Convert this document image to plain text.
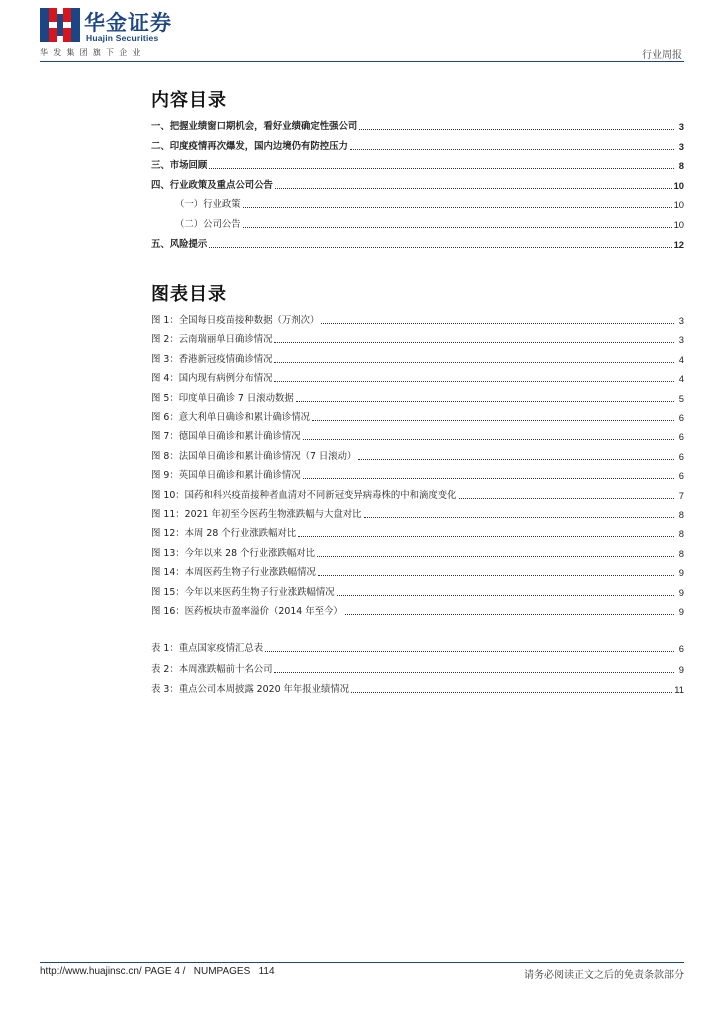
华金证券
Huajin Securities
华发集团旗下企业	行业周报
内容目录
一、把握业绩窗口期机会，看好业绩确定性强公司	3
二、印度疫情再次爆发，国内边境仍有防控压力	3
三、市场回顾	8
四、行业政策及重点公司公告	10
（一）行业政策	10
（二）公司公告	10
五、风险提示	12
图表目录
图 1：全国每日疫苗接种数据（万剂次）	3
图 2：云南瑞丽单日确诊情况	3
图 3：香港新冠疫情确诊情况	4
图 4：国内现有病例分布情况	4
图 5：印度单日确诊 7 日滚动数据	5
图 6：意大利单日确诊和累计确诊情况	6
图 7：德国单日确诊和累计确诊情况	6
图 8：法国单日确诊和累计确诊情况（7 日滚动）	6
图 9：英国单日确诊和累计确诊情况	6
图 10：国药和科兴疫苗接种者血清对不同新冠变异病毒株的中和滴度变化	7
图 11：2021 年初至今医药生物涨跌幅与大盘对比	8
图 12：本周 28 个行业涨跌幅对比	8
图 13：今年以来 28 个行业涨跌幅对比	8
图 14：本周医药生物子行业涨跌幅情况	9
图 15：今年以来医药生物子行业涨跌幅情况	9
图 16：医药板块市盈率溢价（2014 年至今）	9
表 1：重点国家疫情汇总表	6
表 2：本周涨跌幅前十名公司	9
表 3：重点公司本周披露 2020 年年报业绩情况	11
http://www.huajinsc.cn/ PAGE 4 /   NUMPAGES   114	请务必阅读正文之后的免责条款部分
